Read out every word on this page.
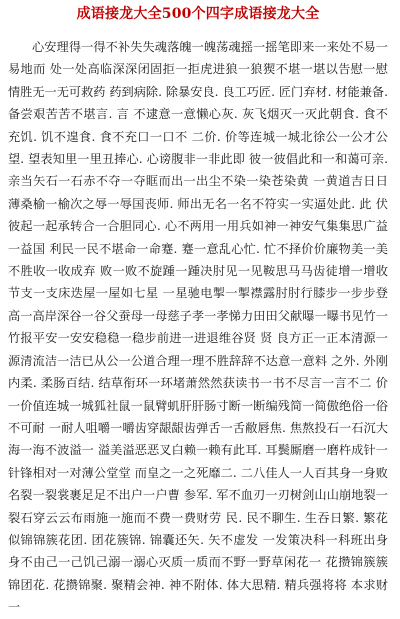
成语接龙大全500个四字成语接龙大全

心安理得一得不补失失魂落魄一魄荡魂摇一摇笔即来一来处不易一易地而 处一处高临深深闭固拒一拒虎进狼一狼猰不堪一堪以告慰一慰情胜无一无可救药 药到病除. 除暴安良. 良工巧匠. 匠门弃材. 材能兼备. 备尝艰苦苦不堪言. 言 不逮意一意懒心灰. 灰飞烟灭一灭此朝食. 食不充饥. 饥不遑食. 食不充口一口不 二价. 价等连城一城北徐公一公才公望. 望表知里一里丑捧心. 心谤腹非一非此即 彼一彼倡此和一和蔼可亲. 亲当矢石一石赤不夺一夺眶而出一出尘不染一染苍染黄 一黄道吉日日薄桑榆一榆次之辱一辱国丧师. 师出无名一名不符实一实逼处此. 此 伏彼起一起承转合一合胆同心. 心不两用一用兵如神一神安气集集思广益一益国 利民一民不堪命一命蹇. 蹇一意乱心忙. 忙不择价价廉物美一美不胜收一收成弃 败一败不旋踵一踵决肘见一见鞍思马马齿徒增一增收节支一支床迭屋一屋如七星 一星驰电掣一掣襟露肘肘行膝步一步步登高一高岸深谷一谷父蚕母一母慈子孝一孝悌力田田父献曝一曝书见竹一竹报平安一安安稳稳一稳步前进一进退维谷贤 贤 良方正一正本清源一源清流洁一洁已从公一公道合理一理不胜辞辞不达意一意料 之外. 外刚内柔. 柔肠百结. 结草衔环一环堵萧然然获读书一书不尽言一言不二 价一价值连城一城狐社鼠一鼠臂虮肝肝肠寸断一断编残简一简傲绝俗一俗不可耐 一耐人咀嚼一嚼齿穿龈龈齿弹舌一舌敝唇焦. 焦熬投石一石沉大海一海不波溢一 溢美溢恶恶叉白赖一赖有此耳. 耳鬓厮磨一磨杵成针一针锋相对一对薄公堂堂 而皇之一之死靡二. 二八佳人一人百其身一身败名裂一裂裳裹足足不出户一户曹 参军. 军不血刃一刃树剑山山崩地裂一裂石穿云云布雨施一施而不费一费财劳 民. 民不聊生. 生吞日繁. 繁花似锦锦簇花团. 团花簇锦. 锦囊还矢. 矢不虚发 一发策决科一科班出身身不由己一己饥己溺一溺心灭质一质而不野一野草闲花一 花攒锦簇簇锦团花. 花攒锦聚. 聚精会神. 神不附体. 体大思精. 精兵强将将 本求财一
